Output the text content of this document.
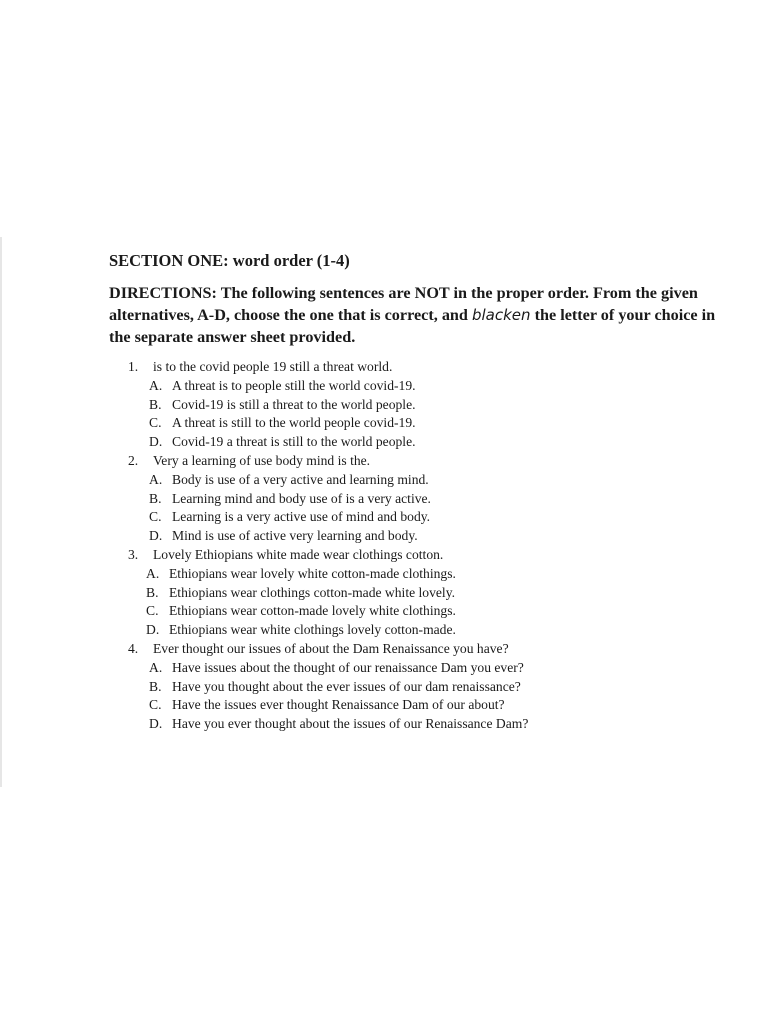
SECTION ONE: word order (1-4)
DIRECTIONS: The following sentences are NOT in the proper order. From the given alternatives, A-D, choose the one that is correct, and blacken the letter of your choice in the separate answer sheet provided.
1.	is to the covid people 19 still a threat world.
A. A threat is to people still the world covid-19.
B. Covid-19 is still a threat to the world people.
C. A threat is still to the world people covid-19.
D. Covid-19 a threat is still to the world people.
2.	Very a learning of use body mind is the.
A. Body is use of a very active and learning mind.
B. Learning mind and body use of is a very active.
C. Learning is a very active use of mind and body.
D. Mind is use of active very learning and body.
3.	Lovely Ethiopians white made wear clothings cotton.
A. Ethiopians wear lovely white cotton-made clothings.
B. Ethiopians wear clothings cotton-made white lovely.
C. Ethiopians wear cotton-made lovely white clothings.
D. Ethiopians wear white clothings lovely cotton-made.
4.	Ever thought our issues of about the Dam Renaissance you have?
A. Have issues about the thought of our renaissance Dam you ever?
B. Have you thought about the ever issues of our dam renaissance?
C. Have the issues ever thought Renaissance Dam of our about?
D. Have you ever thought about the issues of our Renaissance Dam?
